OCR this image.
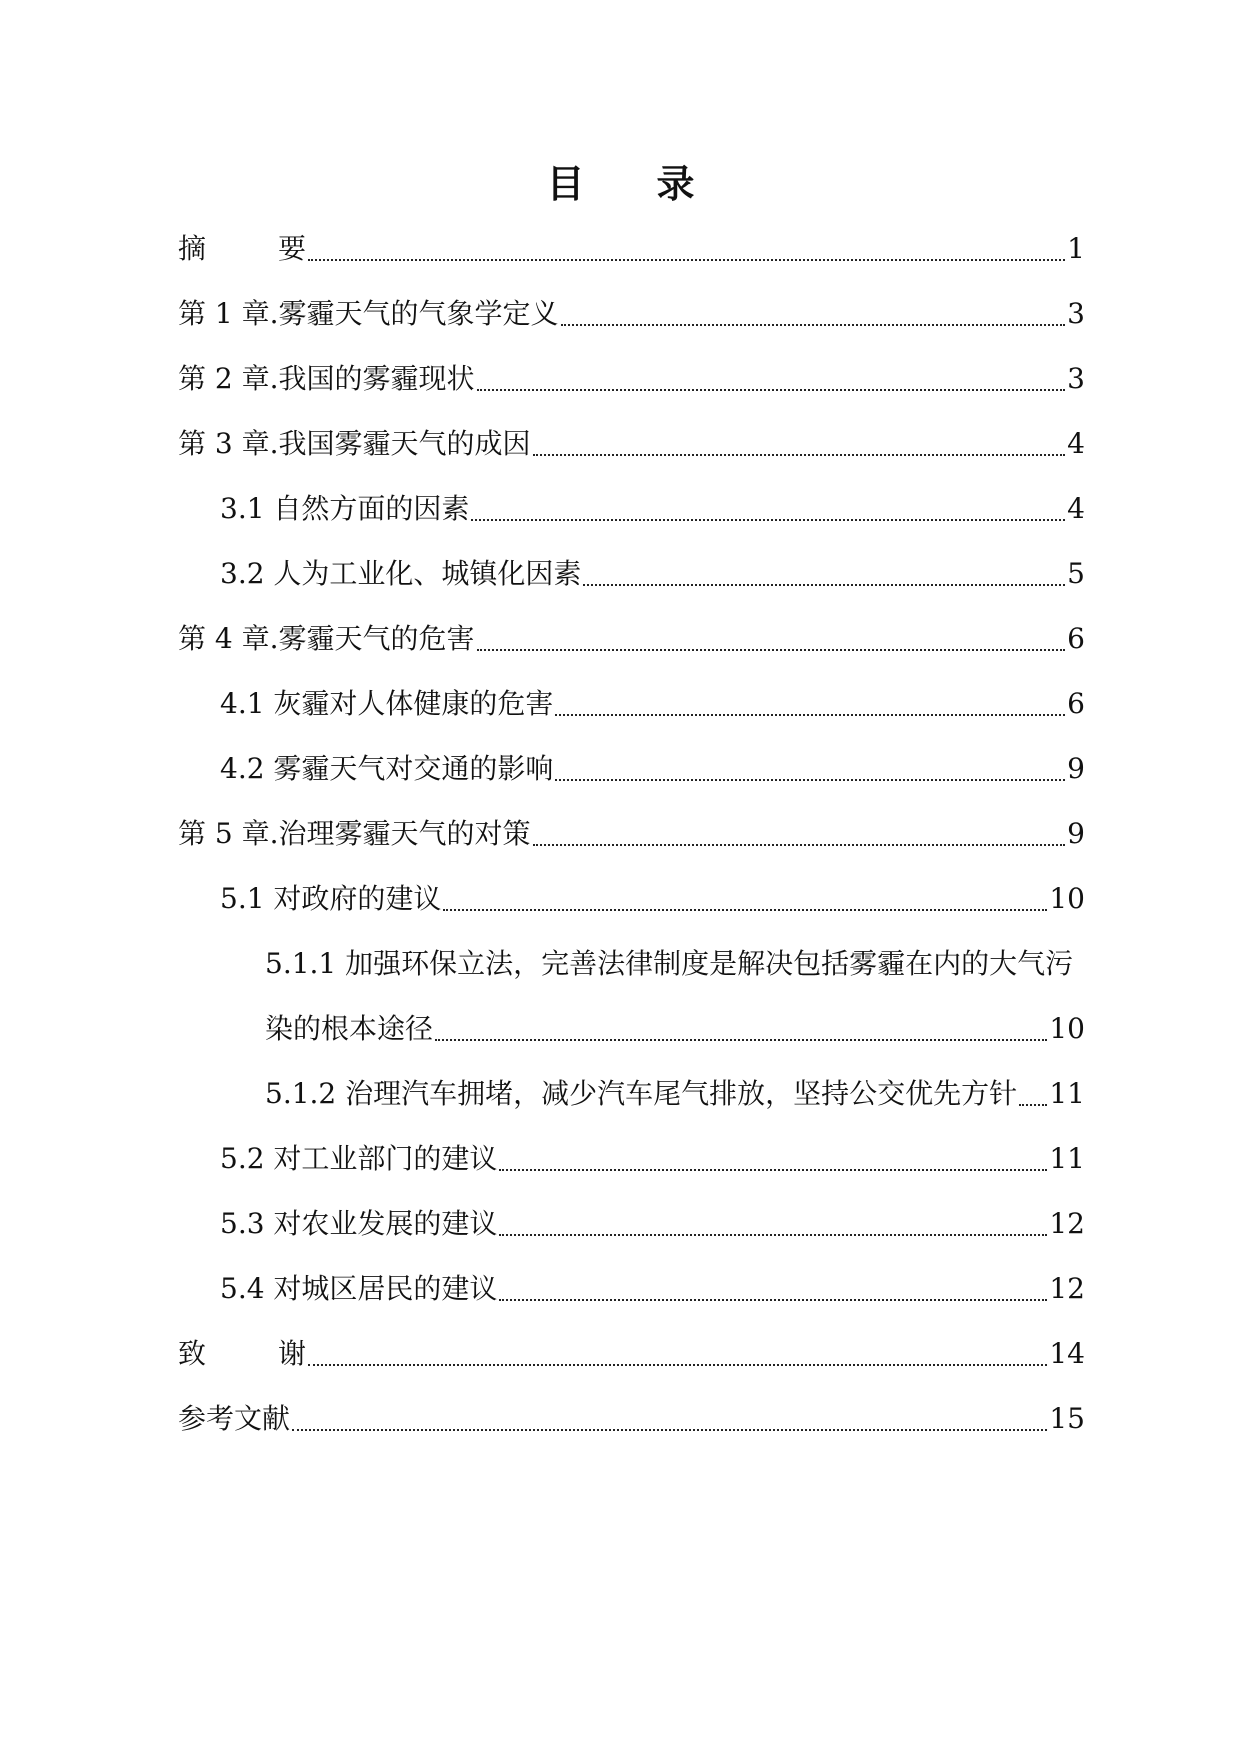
目 录
摘	要	1
第 1 章.雾霾天气的气象学定义	3
第 2 章.我国的雾霾现状	3
第 3 章.我国雾霾天气的成因	4
3.1 自然方面的因素	4
3.2 人为工业化、城镇化因素	5
第 4 章.雾霾天气的危害	6
4.1 灰霾对人体健康的危害	6
4.2 雾霾天气对交通的影响	9
第 5 章.治理雾霾天气的对策	9
5.1 对政府的建议	10
5.1.1 加强环保立法，完善法律制度是解决包括雾霾在内的大气污
染的根本途径	10
5.1.2 治理汽车拥堵，减少汽车尾气排放，坚持公交优先方针 11
5.2 对工业部门的建议	11
5.3 对农业发展的建议	12
5.4 对城区居民的建议	12
致	谢	14
参考文献	15
